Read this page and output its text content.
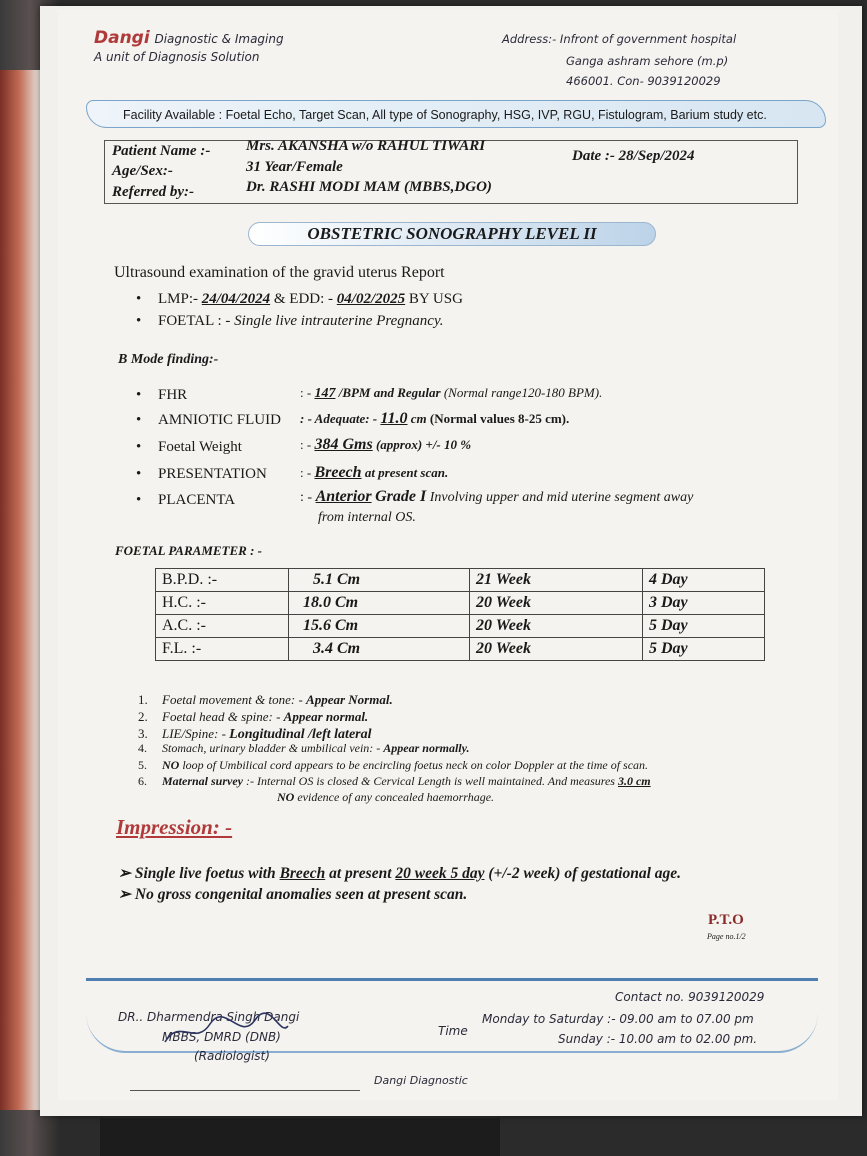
Dangi Diagnostic & Imaging
A unit of Diagnosis Solution
Address:- Infront of government hospital
Ganga ashram sehore (m.p)
466001. Con- 9039120029
Facility Available : Foetal Echo, Target Scan, All type of Sonography, HSG, IVP, RGU, Fistulogram, Barium study etc.
Patient Name :- Mrs. AKANSHA w/o RAHUL TIWARI
Age/Sex:-	31 Year/Female
Referred by:-	Dr. RASHI MODI MAM (MBBS,DGO)
Date :- 28/Sep/2024
OBSTETRIC SONOGRAPHY LEVEL II
Ultrasound examination of the gravid uterus Report
• LMP:- 24/04/2024 & EDD: - 04/02/2025 BY USG
• FOETAL : - Single live intrauterine Pregnancy.
B Mode finding:-
• FHR	: - 147 /BPM and Regular (Normal range120-180 BPM).
• AMNIOTIC FLUID : - Adequate: - 11.0 cm (Normal values 8-25 cm).
• Foetal Weight	: - 384 Gms (approx) +/- 10 %
• PRESENTATION	: - Breech at present scan.
• PLACENTA	: - Anterior Grade I Involving upper and mid uterine segment away
from internal OS.
FOETAL PARAMETER : -
B.P.D. :-	5.1 Cm	21 Week	4 Day
H.C. :-	18.0 Cm	20 Week	3 Day
A.C. :-	15.6 Cm	20 Week	5 Day
F.L. :-	3.4 Cm	20 Week	5 Day
1. Foetal movement & tone: - Appear Normal.
2. Foetal head & spine: - Appear normal.
3. LIE/Spine: - Longitudinal /left lateral
4. Stomach, urinary bladder & umbilical vein: - Appear normally.
5. NO loop of Umbilical cord appears to be encircling foetus neck on color Doppler at the time of scan.
6. Maternal survey :- Internal OS is closed & Cervical Length is well maintained. And measures 3.0 cm
NO evidence of any concealed haemorrhage.
Impression: -
➢ Single live foetus with Breech at present 20 week 5 day (+/-2 week) of gestational age.
➢ No gross congenital anomalies seen at present scan.
P.T.O
Page no.1/2
DR.. Dharmendra Singh Dangi
MBBS, DMRD (DNB)
(Radiologist)
Contact no. 9039120029
Time
Monday to Saturday :- 09.00 am to 07.00 pm
Sunday :- 10.00 am to 02.00 pm.
Dangi Diagnostic
